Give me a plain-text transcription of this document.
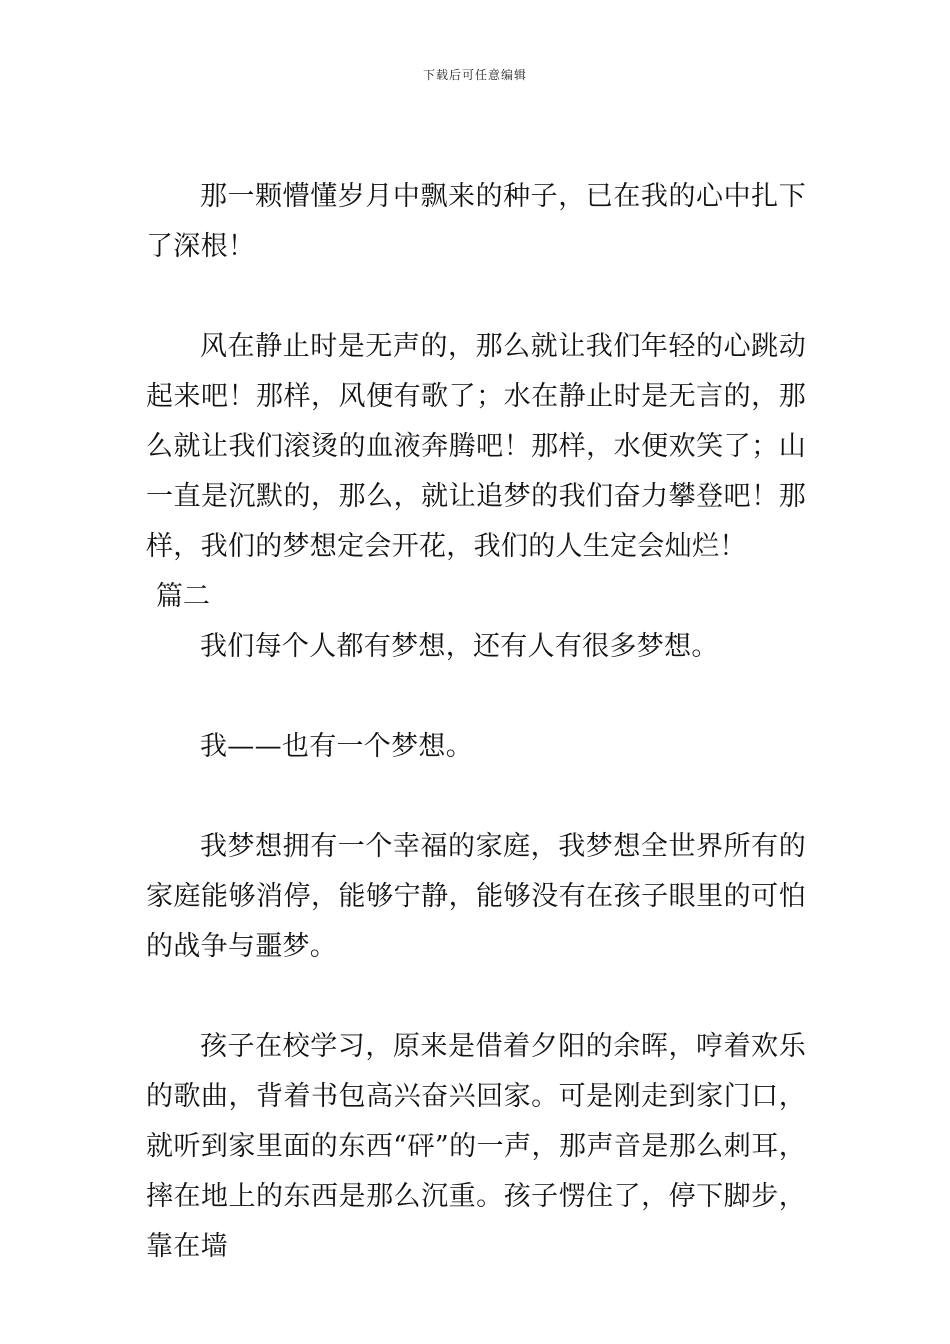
下载后可任意编辑

那一颗懵懂岁月中飘来的种子，已在我的心中扎下了深根！

风在静止时是无声的，那么就让我们年轻的心跳动起来吧！那样，风便有歌了；水在静止时是无言的，那么就让我们滚烫的血液奔腾吧！那样，水便欢笑了；山一直是沉默的，那么，就让追梦的我们奋力攀登吧！那样，我们的梦想定会开花，我们的人生定会灿烂！

篇二

我们每个人都有梦想，还有人有很多梦想。

我——也有一个梦想。

我梦想拥有一个幸福的家庭，我梦想全世界所有的家庭能够消停，能够宁静，能够没有在孩子眼里的可怕的战争与噩梦。

孩子在校学习，原来是借着夕阳的余晖，哼着欢乐的歌曲，背着书包高兴奋兴回家。可是刚走到家门口，就听到家里面的东西“砰”的一声，那声音是那么刺耳，摔在地上的东西是那么沉重。孩子愣住了，停下脚步，靠在墙
